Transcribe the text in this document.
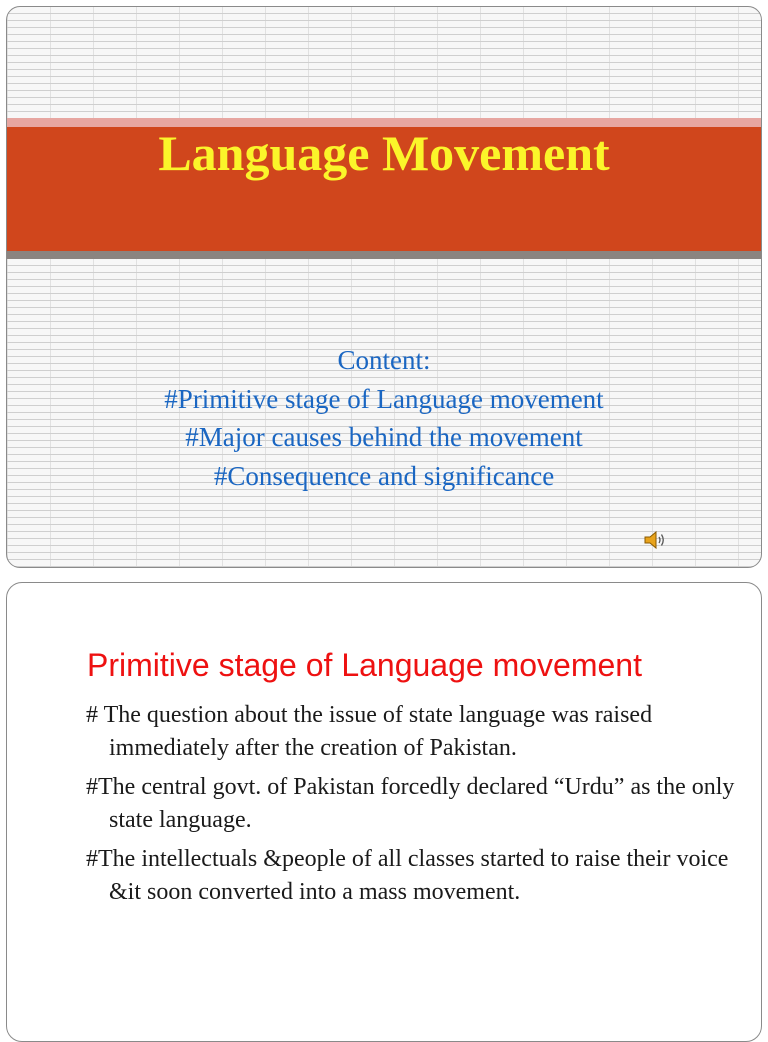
Language Movement
Content:
#Primitive stage of Language movement
#Major causes behind the movement
#Consequence and significance
Primitive stage of Language movement
# The question about the issue of state language was raised immediately after the creation of Pakistan.
#The central govt. of Pakistan forcedly declared “Urdu” as the only state language.
#The intellectuals &people of all classes started to raise their voice &it soon converted into a mass movement.
